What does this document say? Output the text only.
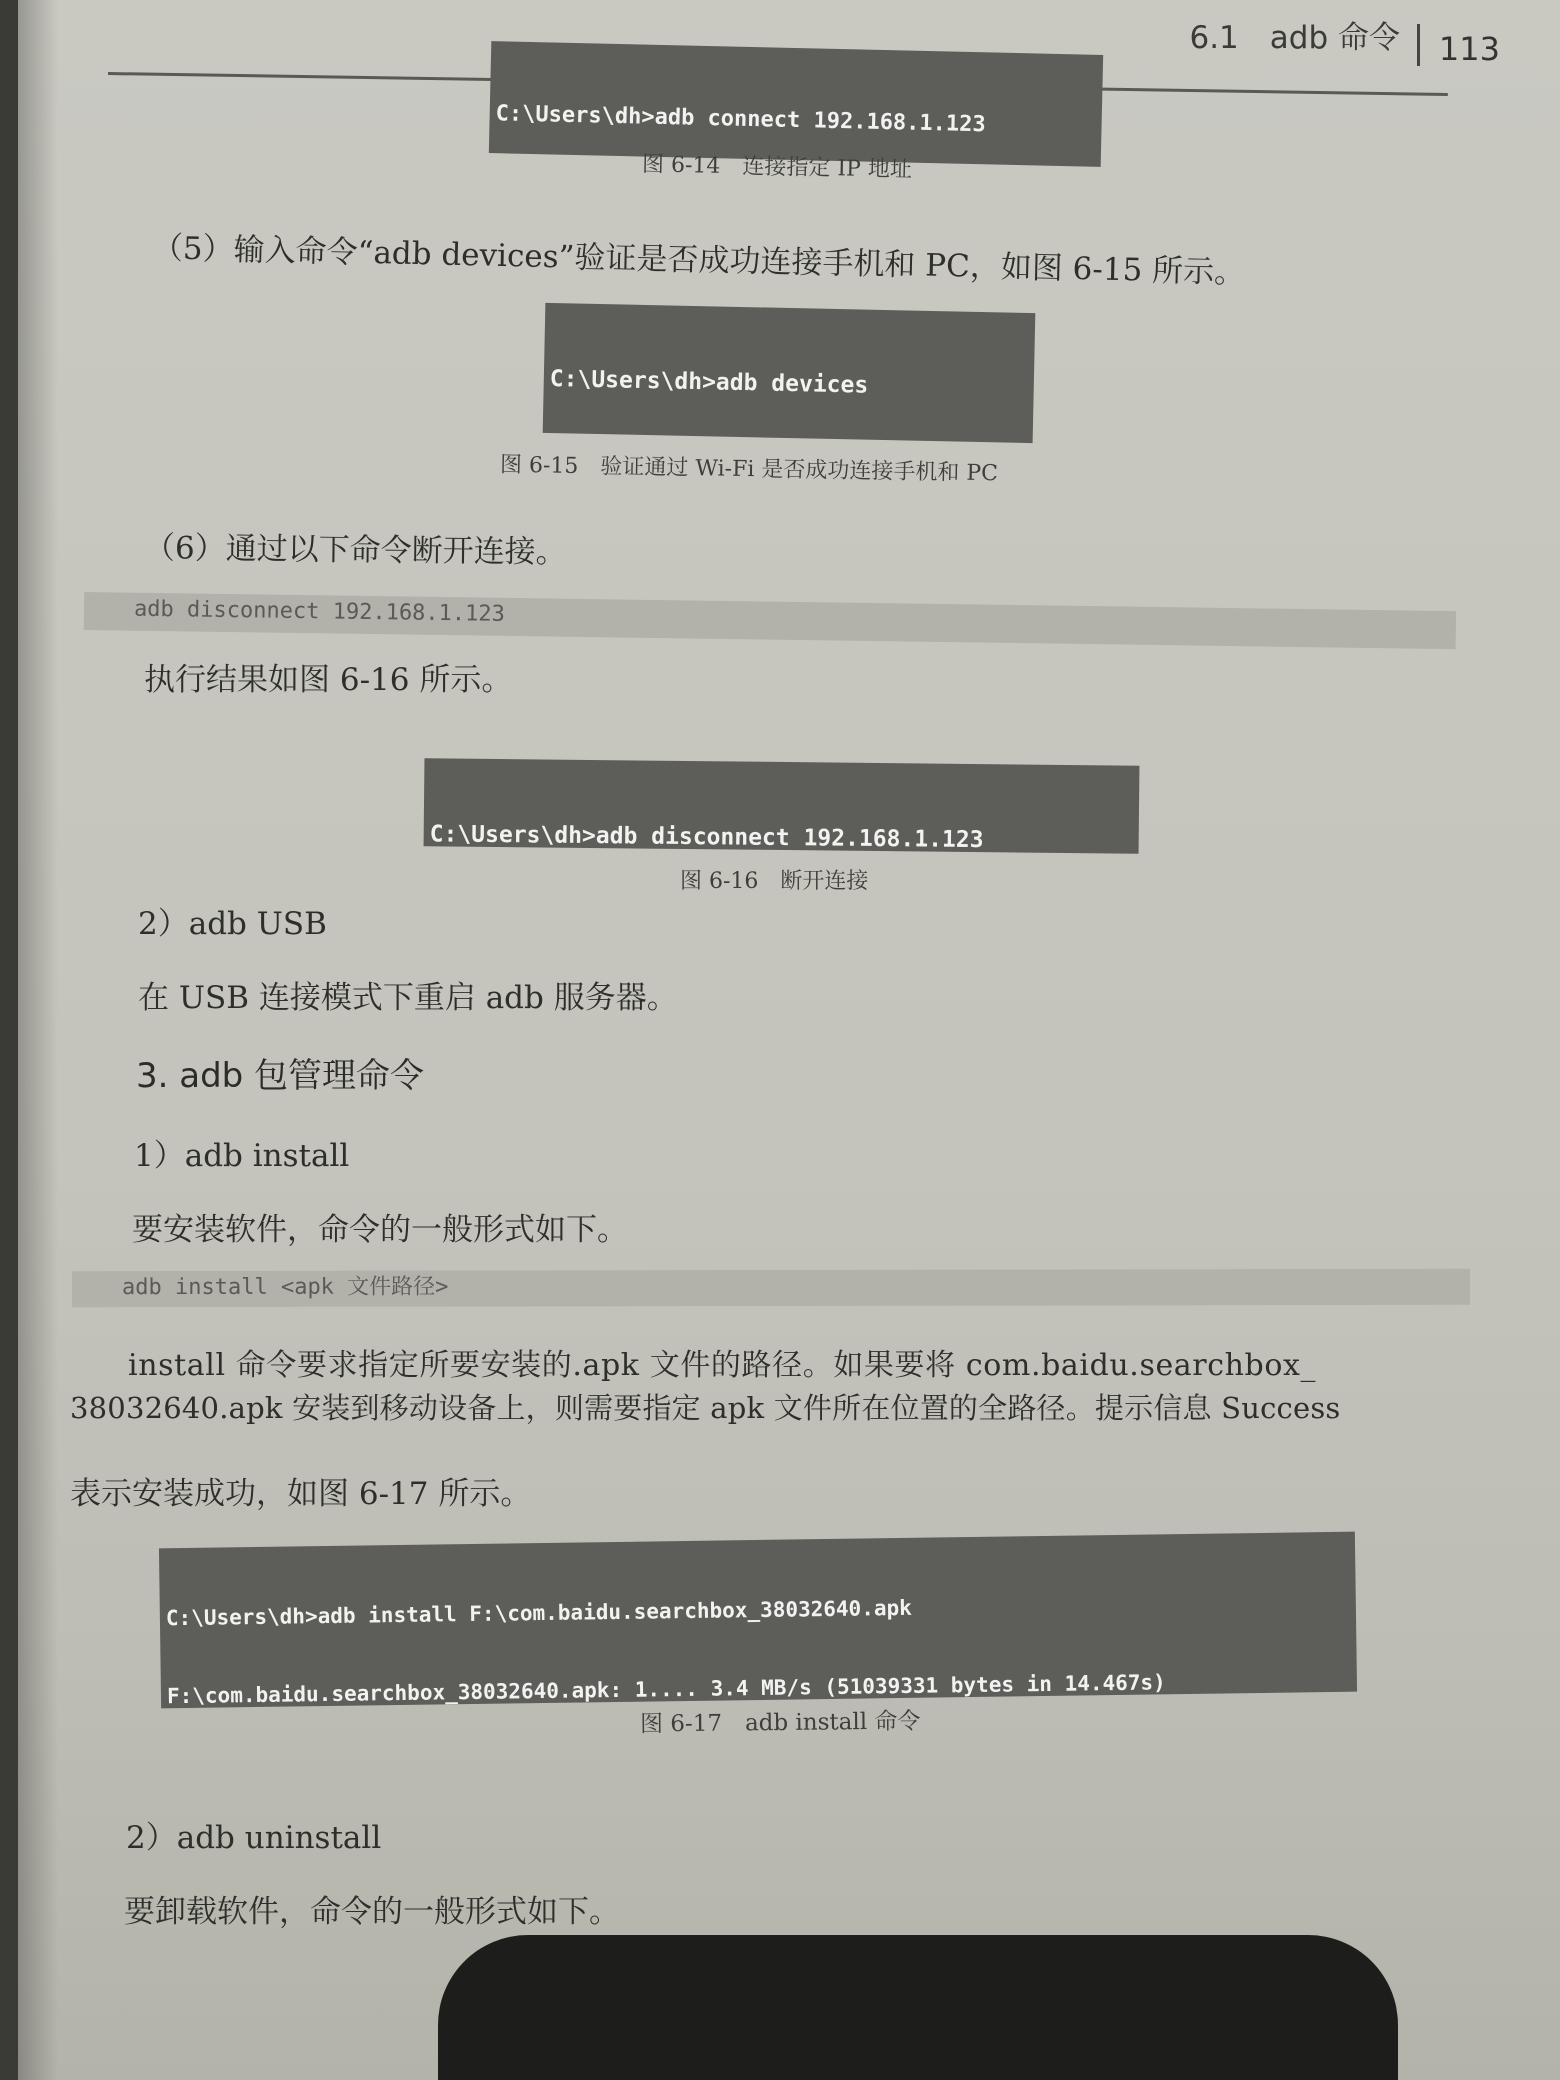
6.1　adb 命令 113

C:\Users\dh>adb connect 192.168.1.123

图 6-14　连接指定 IP 地址
（5）输入命令“adb devices”验证是否成功连接手机和 PC，如图 6-15 所示。

C:\Users\dh>adb devices

图 6-15　验证通过 Wi-Fi 是否成功连接手机和 PC
（6）通过以下命令断开连接。
adb disconnect 192.168.1.123
执行结果如图 6-16 所示。

C:\Users\dh>adb disconnect 192.168.1.123

图 6-16　断开连接
2）adb USB
在 USB 连接模式下重启 adb 服务器。
3. adb 包管理命令
1）adb install
要安装软件，命令的一般形式如下。
adb install <apk 文件路径>
install 命令要求指定所要安装的.apk 文件的路径。如果要将 com.baidu.searchbox_
38032640.apk 安装到移动设备上，则需要指定 apk 文件所在位置的全路径。提示信息 Success
表示安装成功，如图 6-17 所示。

C:\Users\dh>adb install F:\com.baidu.searchbox_38032640.apk

F:\com.baidu.searchbox_38032640.apk: 1.... 3.4 MB/s (51039331 bytes in 14.467s)

图 6-17　adb install 命令
2）adb uninstall
要卸载软件，命令的一般形式如下。
